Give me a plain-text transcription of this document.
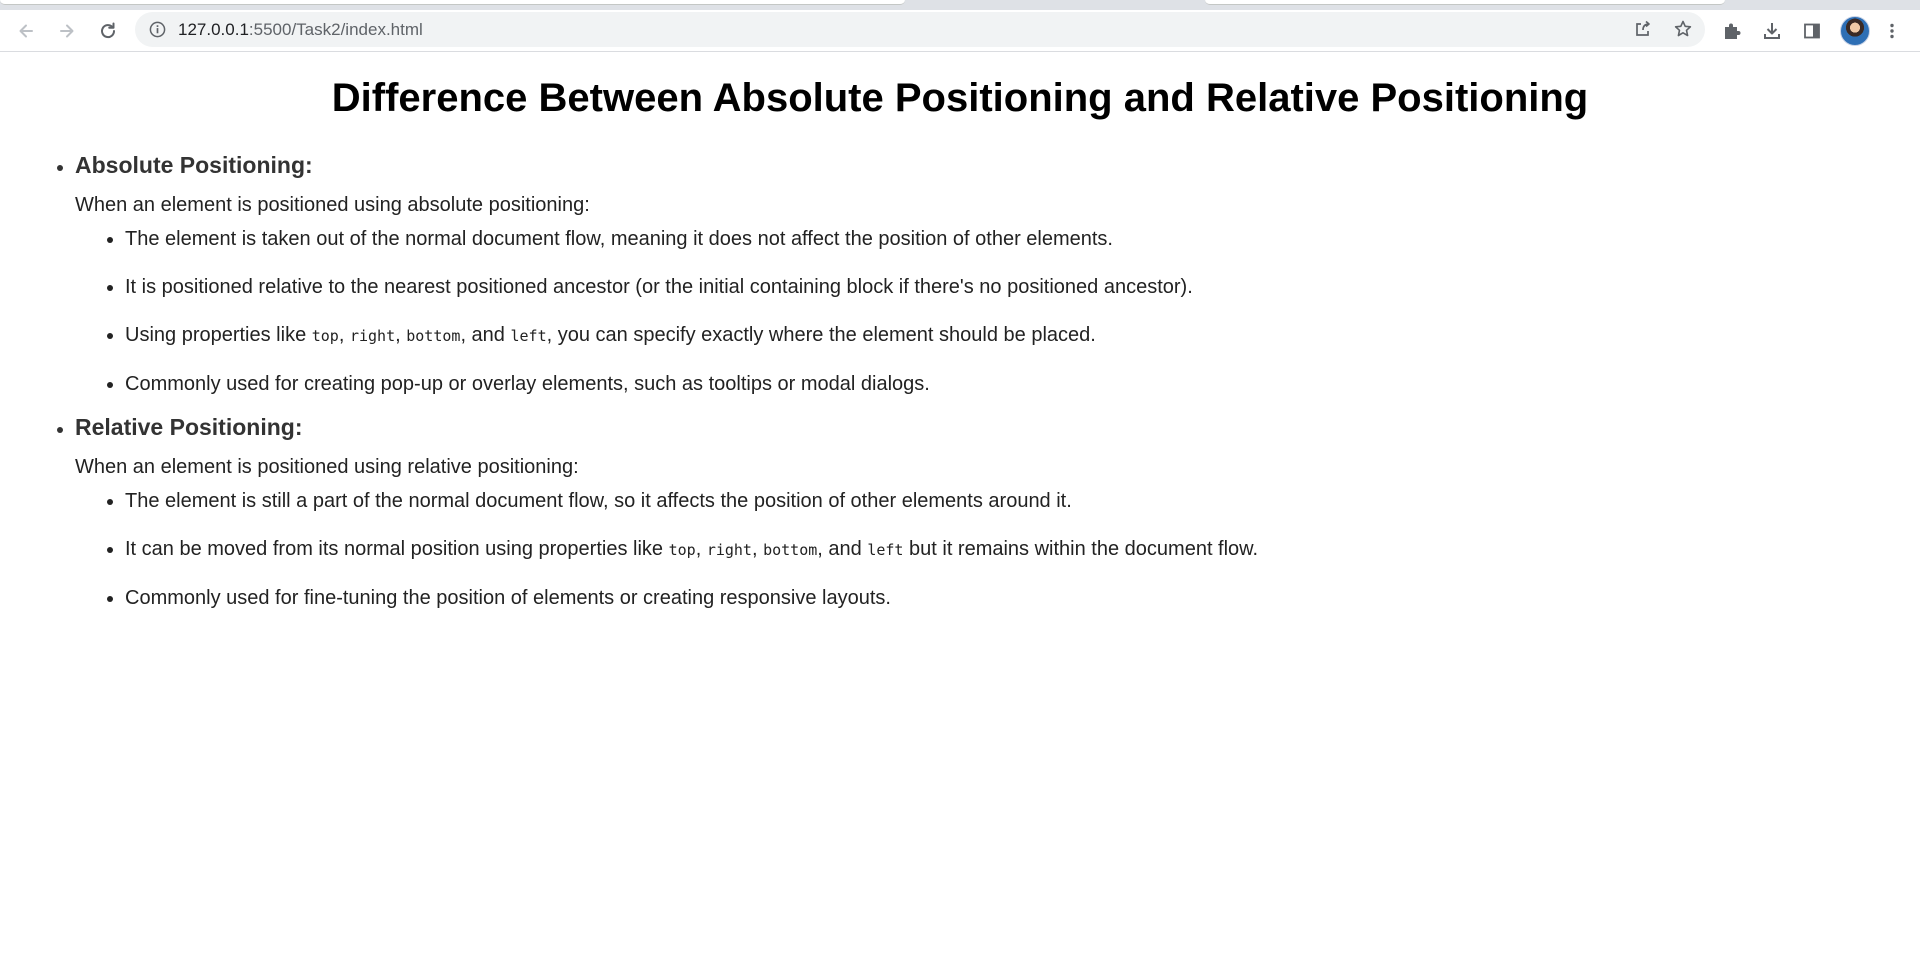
127.0.0.1:5500/Task2/index.html
Difference Between Absolute Positioning and Relative Positioning
• Absolute Positioning:

When an element is positioned using absolute positioning:

• The element is taken out of the normal document flow, meaning it does not affect the position of other elements.
• It is positioned relative to the nearest positioned ancestor (or the initial containing block if there's no positioned ancestor).
• Using properties like top, right, bottom, and left, you can specify exactly where the element should be placed.
• Commonly used for creating pop-up or overlay elements, such as tooltips or modal dialogs.
• Relative Positioning:

When an element is positioned using relative positioning:

• The element is still a part of the normal document flow, so it affects the position of other elements around it.
• It can be moved from its normal position using properties like top, right, bottom, and left but it remains within the document flow.
• Commonly used for fine-tuning the position of elements or creating responsive layouts.
